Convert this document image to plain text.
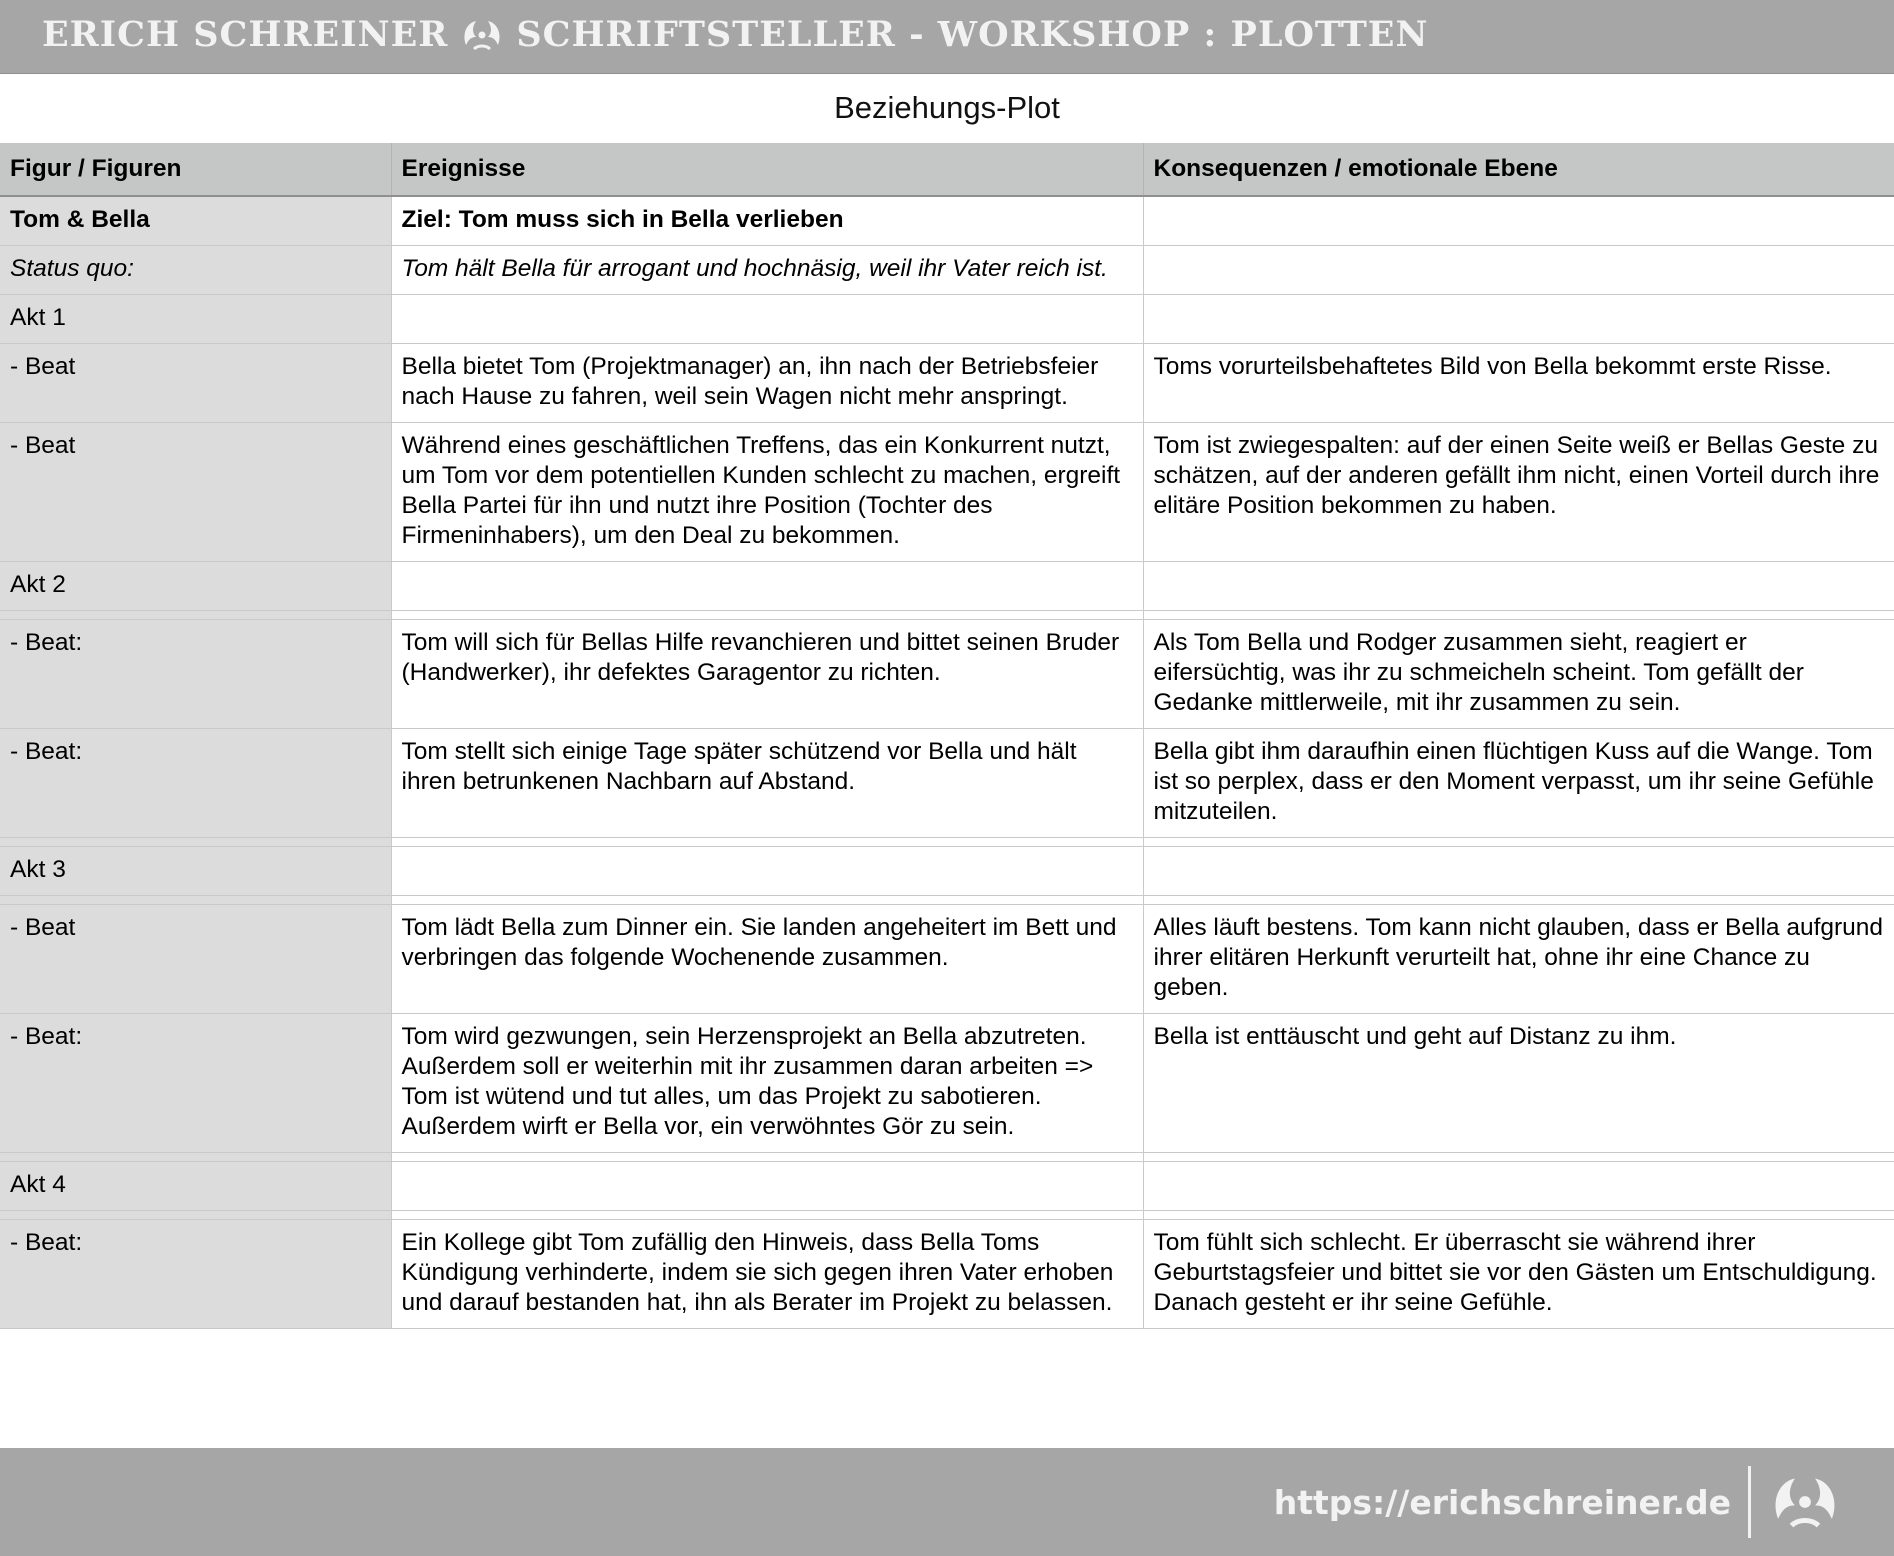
ERICH SCHREINER SCHRIFTSTELLER - WORKSHOP : PLOTTEN
Beziehungs-Plot
Figur / Figuren	Ereignisse	Konsequenzen / emotionale Ebene
Tom & Bella	Ziel: Tom muss sich in Bella verlieben	
Status quo:	Tom hält Bella für arrogant und hochnäsig, weil ihr Vater reich ist.	
Akt 1		
- Beat	Bella bietet Tom (Projektmanager) an, ihn nach der Betriebsfeier nach Hause zu fahren, weil sein Wagen nicht mehr anspringt.	Toms vorurteilsbehaftetes Bild von Bella bekommt erste Risse.
- Beat	Während eines geschäftlichen Treffens, das ein Konkurrent nutzt, um Tom vor dem potentiellen Kunden schlecht zu machen, ergreift Bella Partei für ihn und nutzt ihre Position (Tochter des Firmeninhabers), um den Deal zu bekommen.	Tom ist zwiegespalten: auf der einen Seite weiß er Bellas Geste zu schätzen, auf der anderen gefällt ihm nicht, einen Vorteil durch ihre elitäre Position bekommen zu haben.
Akt 2		

- Beat:	Tom will sich für Bellas Hilfe revanchieren und bittet seinen Bruder (Handwerker), ihr defektes Garagentor zu richten.	Als Tom Bella und Rodger zusammen sieht, reagiert er eifersüchtig, was ihr zu schmeicheln scheint. Tom gefällt der Gedanke mittlerweile, mit ihr zusammen zu sein.
- Beat:	Tom stellt sich einige Tage später schützend vor Bella und hält ihren betrunkenen Nachbarn auf Abstand.	Bella gibt ihm daraufhin einen flüchtigen Kuss auf die Wange. Tom ist so perplex, dass er den Moment verpasst, um ihr seine Gefühle mitzuteilen.

Akt 3		

- Beat	Tom lädt Bella zum Dinner ein. Sie landen angeheitert im Bett und verbringen das folgende Wochenende zusammen.	Alles läuft bestens. Tom kann nicht glauben, dass er Bella aufgrund ihrer elitären Herkunft verurteilt hat, ohne ihr eine Chance zu geben.
- Beat:	Tom wird gezwungen, sein Herzensprojekt an Bella abzutreten. Außerdem soll er weiterhin mit ihr zusammen daran arbeiten => Tom ist wütend und tut alles, um das Projekt zu sabotieren. Außerdem wirft er Bella vor, ein verwöhntes Gör zu sein.	Bella ist enttäuscht und geht auf Distanz zu ihm.

Akt 4		

- Beat:	Ein Kollege gibt Tom zufällig den Hinweis, dass Bella Toms Kündigung verhinderte, indem sie sich gegen ihren Vater erhoben und darauf bestanden hat, ihn als Berater im Projekt zu belassen.	Tom fühlt sich schlecht. Er überrascht sie während ihrer Geburtstagsfeier und bittet sie vor den Gästen um Entschuldigung. Danach gesteht er ihr seine Gefühle.
https://erichschreiner.de
